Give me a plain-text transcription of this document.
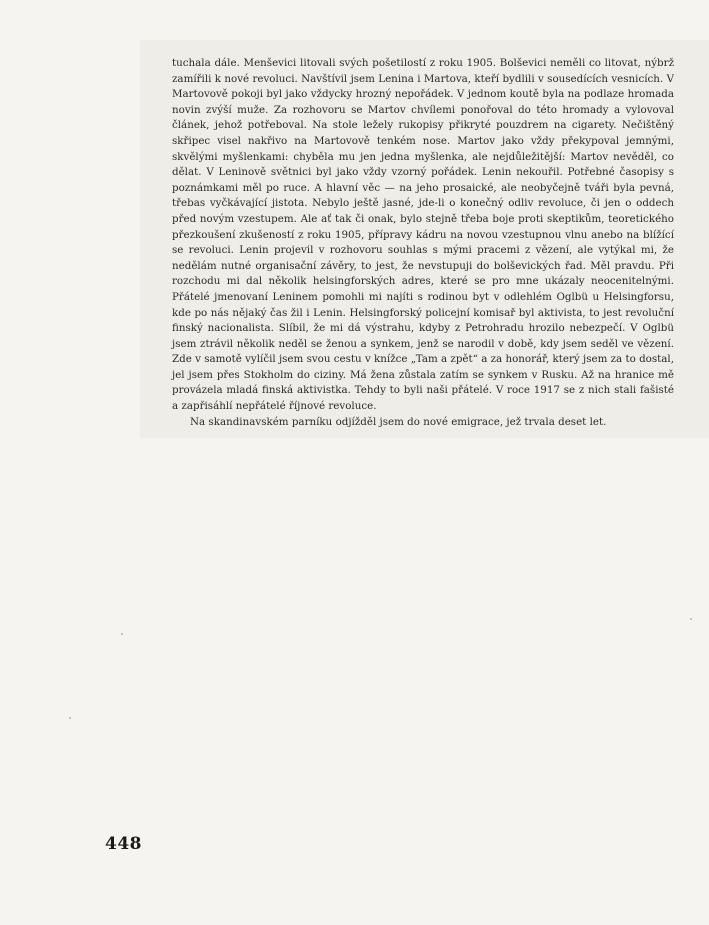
tuchala dále. Menševici litovali svých pošetilostí z roku 1905. Bolševici neměli co litovat, nýbrž zamířili k nové revoluci. Navštívil jsem Lenina i Martova, kteří bydlili v sousedících vesnicích. V Martovově pokoji byl jako vždycky hrozný nepořádek. V jednom koutě byla na podlaze hromada novin zvýší muže. Za rozhovoru se Martov chvílemi ponořoval do této hromady a vylovoval článek, jehož potřeboval. Na stole ležely rukopisy přikryté pouzdrem na cigarety. Nečištěný skřipec visel nakřivo na Martovově tenkém nose. Martov jako vždy překypoval jemnými, skvělými myšlenkami: chyběla mu jen jedna myšlenka, ale nejdůležitější: Martov nevěděl, co dělat. V Leninově světnici byl jako vždy vzorný pořádek. Lenin nekouřil. Potřebné časopisy s poznámkami měl po ruce. A hlavní věc — na jeho prosaické, ale neobyčejně tváři byla pevná, třebas vyčkávající jistota. Nebylo ještě jasné, jde-li o konečný odliv revoluce, či jen o oddech před novým vzestupem. Ale ať tak či onak, bylo stejně třeba boje proti skeptikům, teoretického přezkoušení zkušeností z roku 1905, přípravy kádru na novou vzestupnou vlnu anebo na blížící se revoluci. Lenin projevil v rozhovoru souhlas s mými pracemi z vězení, ale vytýkal mi, že nedělám nutné organisační závěry, to jest, že nevstupuji do bolševických řad. Měl pravdu. Při rozchodu mi dal několik helsingforských adres, které se pro mne ukázaly neocenitelnými. Přátelé jmenovaní Leninem pomohli mi najíti s rodinou byt v odlehlém Oglbü u Helsingforsu, kde po nás nějaký čas žil i Lenin. Helsingforský policejní komisař byl aktivista, to jest revoluční finský nacionalista. Slíbil, že mi dá výstrahu, kdyby z Petrohradu hrozilo nebezpečí. V Oglbü jsem ztrávil několik neděl se ženou a synkem, jenž se narodil v době, kdy jsem seděl ve vězení. Zde v samotě vylíčil jsem svou cestu v knížce „Tam a zpět“ a za honorář, který jsem za to dostal, jel jsem přes Stokholm do ciziny. Má žena zůstala zatím se synkem v Rusku. Až na hranice mě provázela mladá finská aktivistka. Tehdy to byli naši přátelé. V roce 1917 se z nich stali fašisté a zapřisáhlí nepřátelé říjnové revoluce.

Na skandinavském parníku odjížděl jsem do nové emigrace, jež trvala deset let.

448
